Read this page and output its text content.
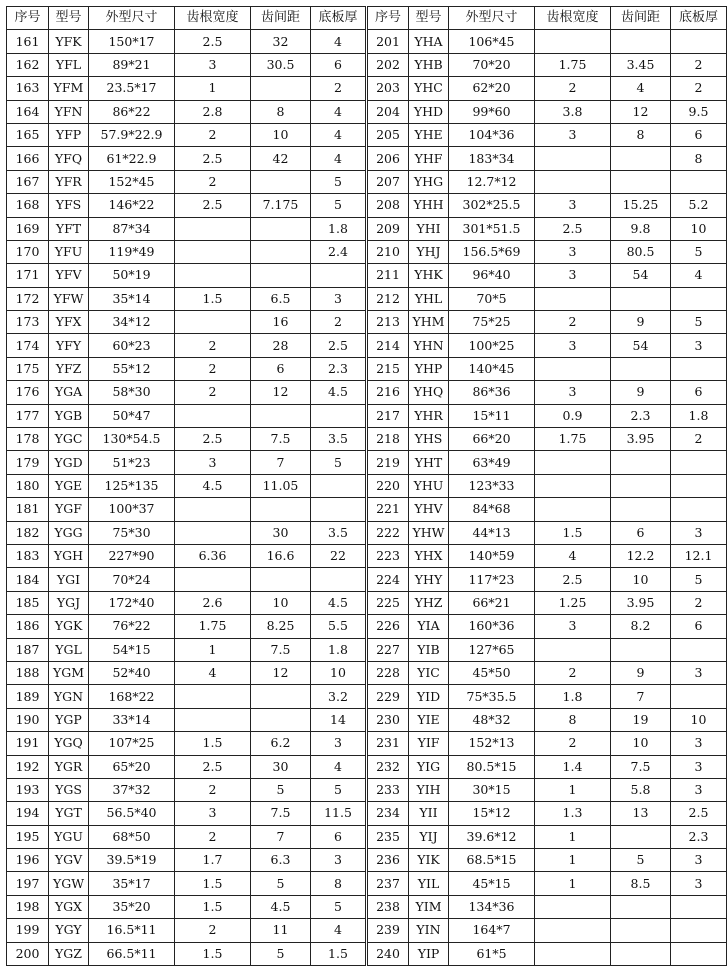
序号	型号	外型尺寸	齿根宽度	齿间距	底板厚	序号	型号	外型尺寸	齿根宽度	齿间距	底板厚
161	YFK	150*17	2.5	32	4	201	YHA	106*45			
162	YFL	89*21	3	30.5	6	202	YHB	70*20	1.75	3.45	2
163	YFM	23.5*17	1		2	203	YHC	62*20	2	4	2
164	YFN	86*22	2.8	8	4	204	YHD	99*60	3.8	12	9.5
165	YFP	57.9*22.9	2	10	4	205	YHE	104*36	3	8	6
166	YFQ	61*22.9	2.5	42	4	206	YHF	183*34			8
167	YFR	152*45	2		5	207	YHG	12.7*12			
168	YFS	146*22	2.5	7.175	5	208	YHH	302*25.5	3	15.25	5.2
169	YFT	87*34			1.8	209	YHI	301*51.5	2.5	9.8	10
170	YFU	119*49			2.4	210	YHJ	156.5*69	3	80.5	5
171	YFV	50*19				211	YHK	96*40	3	54	4
172	YFW	35*14	1.5	6.5	3	212	YHL	70*5			
173	YFX	34*12		16	2	213	YHM	75*25	2	9	5
174	YFY	60*23	2	28	2.5	214	YHN	100*25	3	54	3
175	YFZ	55*12	2	6	2.3	215	YHP	140*45			
176	YGA	58*30	2	12	4.5	216	YHQ	86*36	3	9	6
177	YGB	50*47				217	YHR	15*11	0.9	2.3	1.8
178	YGC	130*54.5	2.5	7.5	3.5	218	YHS	66*20	1.75	3.95	2
179	YGD	51*23	3	7	5	219	YHT	63*49			
180	YGE	125*135	4.5	11.05		220	YHU	123*33			
181	YGF	100*37				221	YHV	84*68			
182	YGG	75*30		30	3.5	222	YHW	44*13	1.5	6	3
183	YGH	227*90	6.36	16.6	22	223	YHX	140*59	4	12.2	12.1
184	YGI	70*24				224	YHY	117*23	2.5	10	5
185	YGJ	172*40	2.6	10	4.5	225	YHZ	66*21	1.25	3.95	2
186	YGK	76*22	1.75	8.25	5.5	226	YIA	160*36	3	8.2	6
187	YGL	54*15	1	7.5	1.8	227	YIB	127*65			
188	YGM	52*40	4	12	10	228	YIC	45*50	2	9	3
189	YGN	168*22			3.2	229	YID	75*35.5	1.8	7	
190	YGP	33*14			14	230	YIE	48*32	8	19	10
191	YGQ	107*25	1.5	6.2	3	231	YIF	152*13	2	10	3
192	YGR	65*20	2.5	30	4	232	YIG	80.5*15	1.4	7.5	3
193	YGS	37*32	2	5	5	233	YIH	30*15	1	5.8	3
194	YGT	56.5*40	3	7.5	11.5	234	YII	15*12	1.3	13	2.5
195	YGU	68*50	2	7	6	235	YIJ	39.6*12	1		2.3
196	YGV	39.5*19	1.7	6.3	3	236	YIK	68.5*15	1	5	3
197	YGW	35*17	1.5	5	8	237	YIL	45*15	1	8.5	3
198	YGX	35*20	1.5	4.5	5	238	YIM	134*36			
199	YGY	16.5*11	2	11	4	239	YIN	164*7			
200	YGZ	66.5*11	1.5	5	1.5	240	YIP	61*5			
